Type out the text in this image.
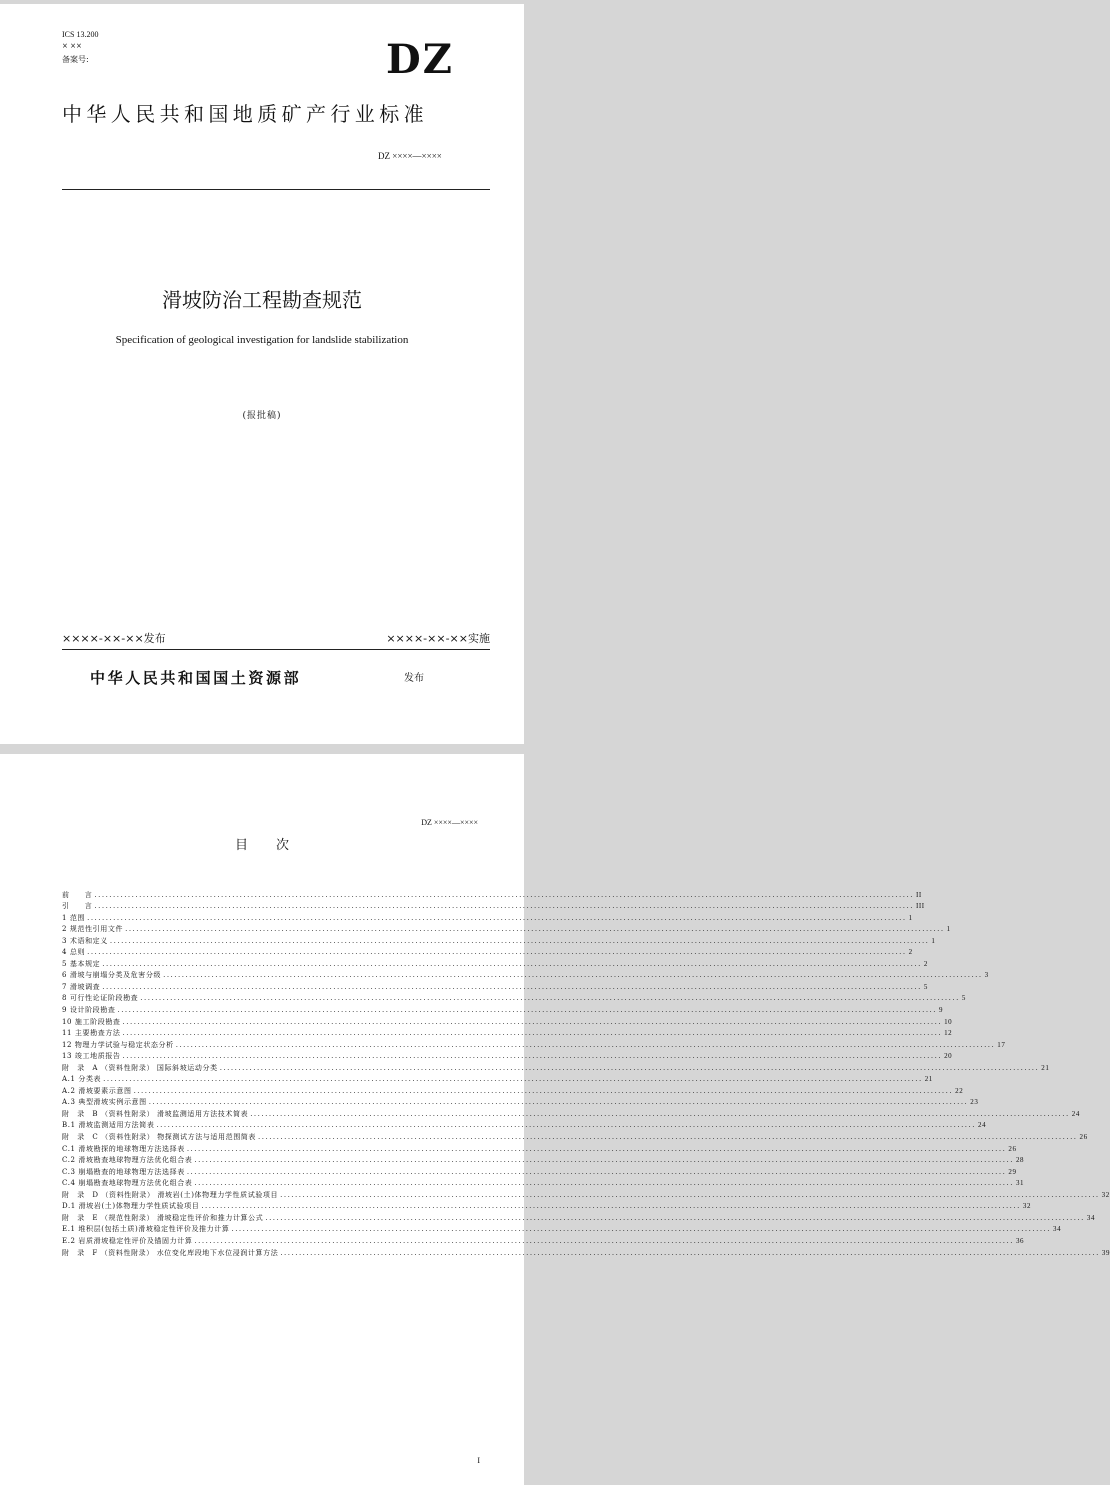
ICS 13.200
× ××
备案号:	DZ
中华人民共和国地质矿产行业标准
DZ ××××—××××
滑坡防治工程勘查规范
Specification of geological investigation for landslide stabilization
(报批稿)
××××-××-××发布	××××-××-××实施
中华人民共和国国土资源部	发布
DZ ××××—××××
目次
前　　言 ............................................................................................................................................................................................................................ II
引　　言 ............................................................................................................................................................................................................................ III
1 范围 ............................................................................................................................................................................................................................ 1
2 规范性引用文件 ............................................................................................................................................................................................................................ 1
3 术语和定义 ............................................................................................................................................................................................................................ 1
4 总则 ............................................................................................................................................................................................................................ 2
5 基本规定 ............................................................................................................................................................................................................................ 2
6 滑坡与崩塌分类及危害分级 ............................................................................................................................................................................................................................ 3
7 滑坡调查 ............................................................................................................................................................................................................................ 5
8 可行性论证阶段勘查 ............................................................................................................................................................................................................................ 5
9 设计阶段勘查 ............................................................................................................................................................................................................................ 9
10 施工阶段勘查 ............................................................................................................................................................................................................................ 10
11 主要勘查方法 ............................................................................................................................................................................................................................ 12
12 物理力学试验与稳定状态分析 ............................................................................................................................................................................................................................ 17
13 竣工地质报告 ............................................................................................................................................................................................................................ 20
附　录　A （资料性附录） 国际斜坡运动分类 ............................................................................................................................................................................................................................ 21
A.1 分类表 ............................................................................................................................................................................................................................ 21
A.2 滑坡要素示意图 ............................................................................................................................................................................................................................ 22
A.3 典型滑坡实例示意图 ............................................................................................................................................................................................................................ 23
附　录　B （资料性附录） 滑坡监测适用方法技术简表 ............................................................................................................................................................................................................................ 24
B.1 滑坡监测适用方法简表 ............................................................................................................................................................................................................................ 24
附　录　C （资料性附录） 物探测试方法与适用范围简表 ............................................................................................................................................................................................................................ 26
C.1 滑坡勘探的地球物理方法选择表 ............................................................................................................................................................................................................................ 26
C.2 滑坡勘查地球物理方法优化组合表 ............................................................................................................................................................................................................................ 28
C.3 崩塌勘查的地球物理方法选择表 ............................................................................................................................................................................................................................ 29
C.4 崩塌勘查地球物理方法优化组合表 ............................................................................................................................................................................................................................ 31
附　录　D （资料性附录） 滑坡岩(土)体物理力学性质试验项目 ............................................................................................................................................................................................................................ 32
D.1 滑坡岩(土)体物理力学性质试验项目 ............................................................................................................................................................................................................................ 32
附　录　E （规范性附录） 滑坡稳定性评价和推力计算公式 ............................................................................................................................................................................................................................ 34
E.1 堆积层(包括土质)滑坡稳定性评价及推力计算 ............................................................................................................................................................................................................................ 34
E.2 岩质滑坡稳定性评价及锚固力计算 ............................................................................................................................................................................................................................ 36
附　录　F （资料性附录） 水位变化库段地下水位浸润计算方法 ............................................................................................................................................................................................................................ 39
I
